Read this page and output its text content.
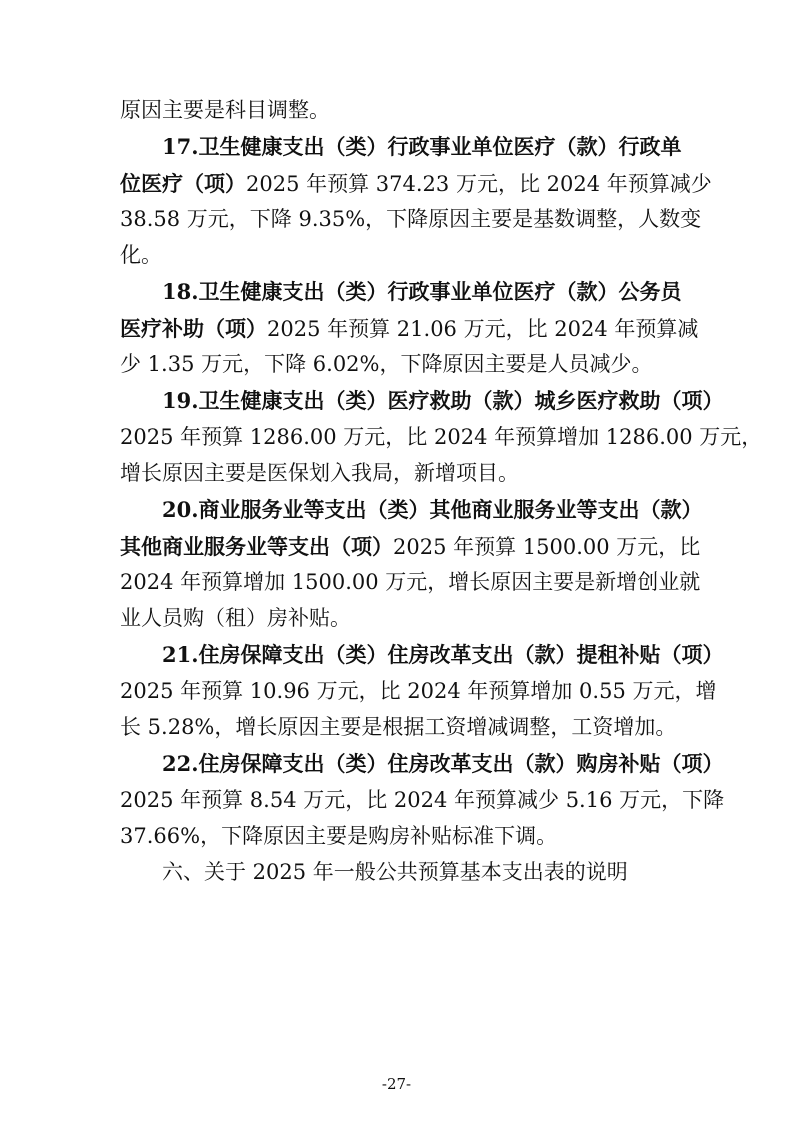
原因主要是科目调整。
17.卫生健康支出（类）行政事业单位医疗（款）行政单
位医疗（项）2025 年预算 374.23 万元，比 2024 年预算减少
38.58 万元，下降 9.35%，下降原因主要是基数调整，人数变
化。
18.卫生健康支出（类）行政事业单位医疗（款）公务员
医疗补助（项）2025 年预算 21.06 万元，比 2024 年预算减
少 1.35 万元，下降 6.02%，下降原因主要是人员减少。
19.卫生健康支出（类）医疗救助（款）城乡医疗救助（项）
2025 年预算 1286.00 万元，比 2024 年预算增加 1286.00 万元，
增长原因主要是医保划入我局，新增项目。
20.商业服务业等支出（类）其他商业服务业等支出（款）
其他商业服务业等支出（项）2025 年预算 1500.00 万元，比
2024 年预算增加 1500.00 万元，增长原因主要是新增创业就
业人员购（租）房补贴。
21.住房保障支出（类）住房改革支出（款）提租补贴（项）
2025 年预算 10.96 万元，比 2024 年预算增加 0.55 万元，增
长 5.28%，增长原因主要是根据工资增减调整，工资增加。
22.住房保障支出（类）住房改革支出（款）购房补贴（项）
2025 年预算 8.54 万元，比 2024 年预算减少 5.16 万元，下降
37.66%，下降原因主要是购房补贴标准下调。
六、关于 2025 年一般公共预算基本支出表的说明
-27-
